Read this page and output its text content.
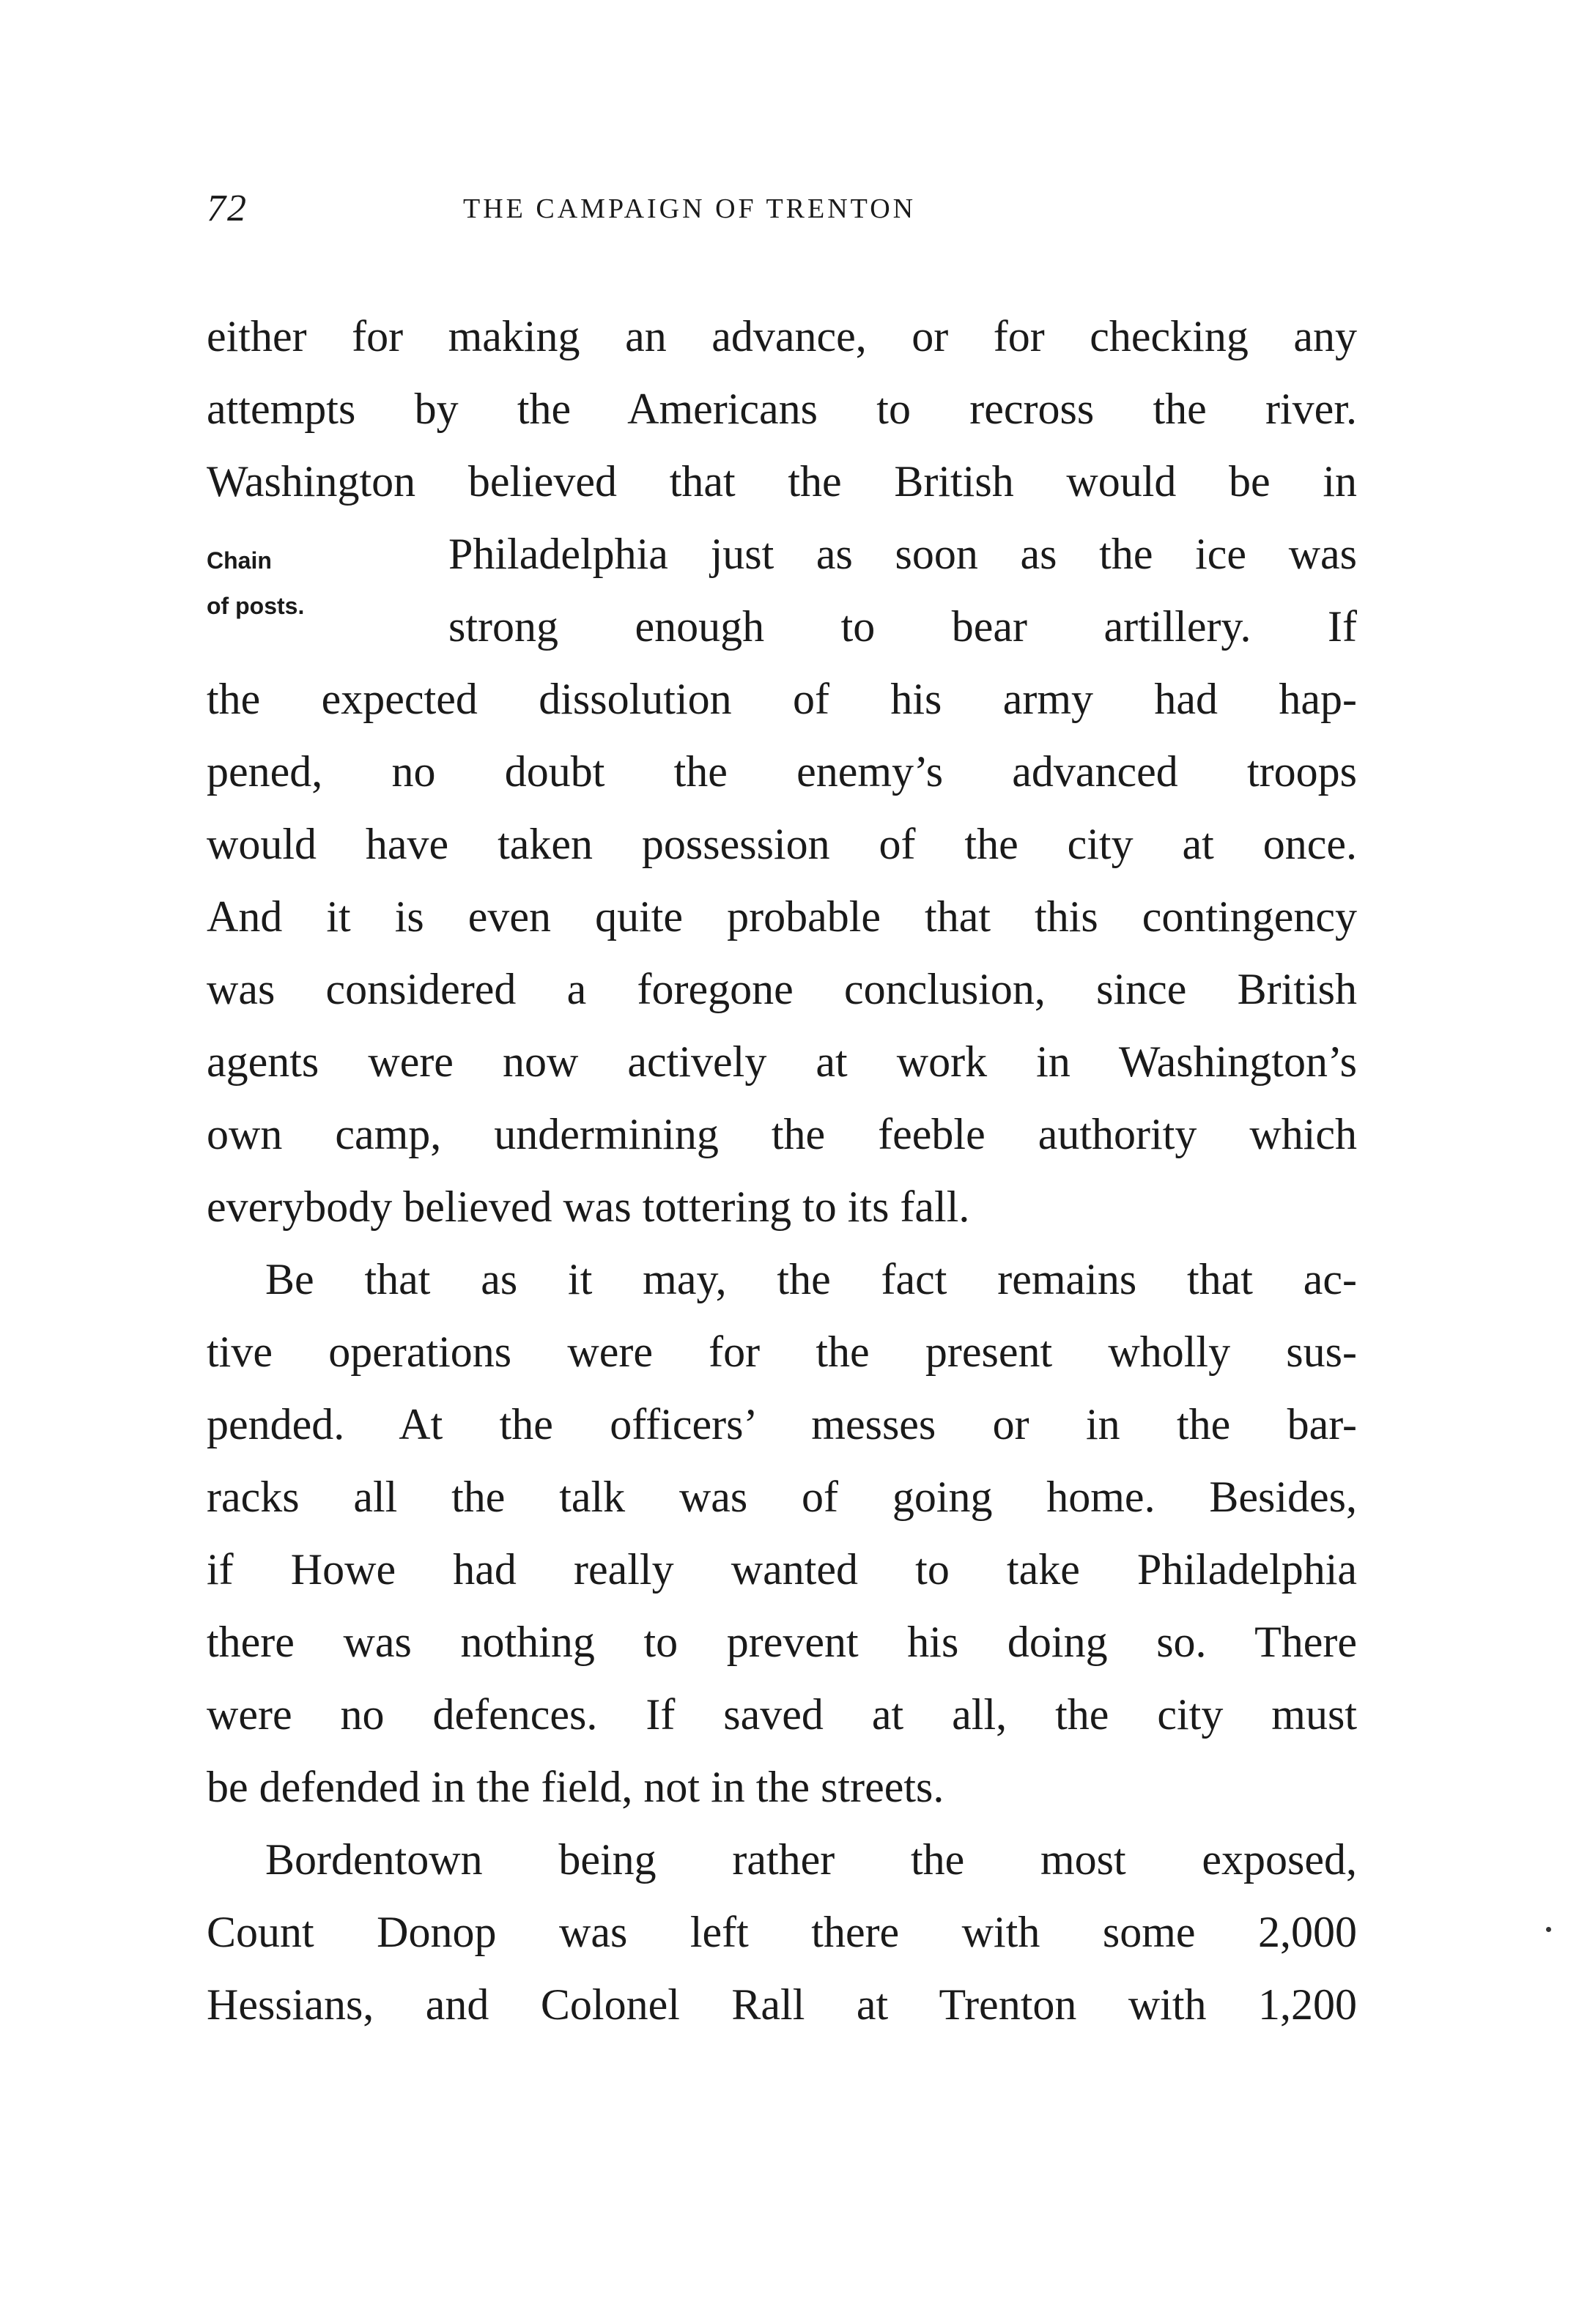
72	THE CAMPAIGN OF TRENTON
Chain
of posts.
either for making an advance, or for checking any
attempts by the Americans to recross the river.
Washington believed that the British would be in
Philadelphia just as soon as the ice was
strong enough to bear artillery. If
the expected dissolution of his army had hap-
pened, no doubt the enemy’s advanced troops
would have taken possession of the city at once.
And it is even quite probable that this contingency
was considered a foregone conclusion, since British
agents were now actively at work in Washington’s
own camp, undermining the feeble authority which
everybody believed was tottering to its fall.
Be that as it may, the fact remains that ac-
tive operations were for the present wholly sus-
pended. At the officers’ messes or in the bar-
racks all the talk was of going home. Besides,
if Howe had really wanted to take Philadelphia
there was nothing to prevent his doing so. There
were no defences. If saved at all, the city must
be defended in the field, not in the streets.
Bordentown being rather the most exposed,
Count Donop was left there with some 2,000
Hessians, and Colonel Rall at Trenton with 1,200
